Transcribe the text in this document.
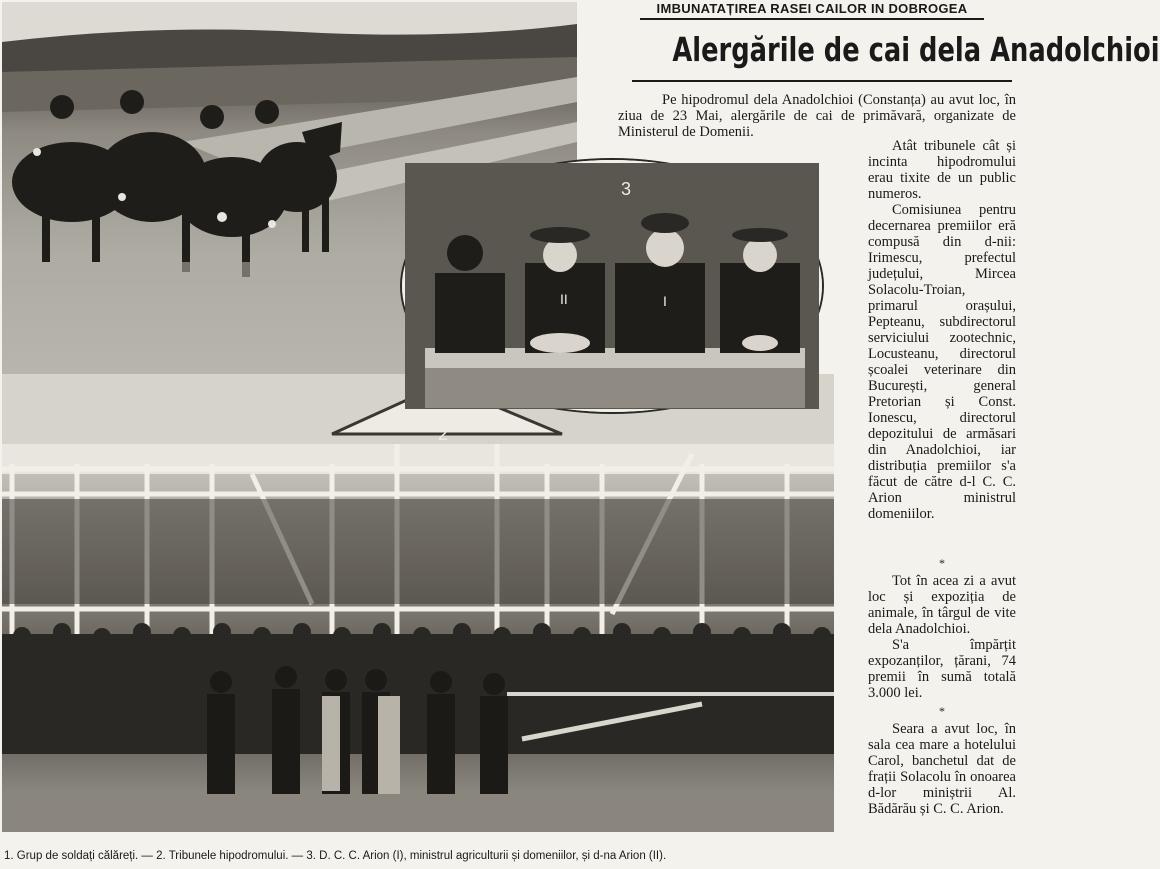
2
3
II	I
IMBUNATAȚIREA RASEI CAILOR IN DOBROGEA
Alergările de cai dela Anadolchioi
Pe hipodromul dela Anadolchioi (Constanța) au avut loc, în ziua de 23 Mai, alergările de cai de primăvară, organizate de Ministerul de Domenii.

Atât tribunele cât și incinta hipodromului erau tixite de un public numeros.

Comisiunea pentru decernarea premiilor eră compusă din d-nii: Irimescu, prefectul județului, Mircea Solacolu-Troian, primarul orașului, Pepteanu, subdirectorul serviciului zootechnic, Locusteanu, directorul școalei veterinare din București, general Pretorian și Const. Ionescu, directorul depozitului de armăsari din Anadolchioi, iar distribuția premiilor s'a făcut de către d-l C. C. Arion ministrul domeniilor.

*

Tot în acea zi a avut loc și expoziția de animale, în târgul de vite dela Anadolchioi.

S'a împărțit expozanților, țărani, 74 premii în sumă totală 3.000 lei.

*

Seara a avut loc, în sala cea mare a hotelului Carol, banchetul dat de frații Solacolu în onoarea d-lor miniștrii Al. Bădărău și C. C. Arion.

1. Grup de soldați călăreți. — 2. Tribunele hipodromului. — 3. D. C. C. Arion (I), ministrul agriculturii și domeniilor, și d-na Arion (II).
